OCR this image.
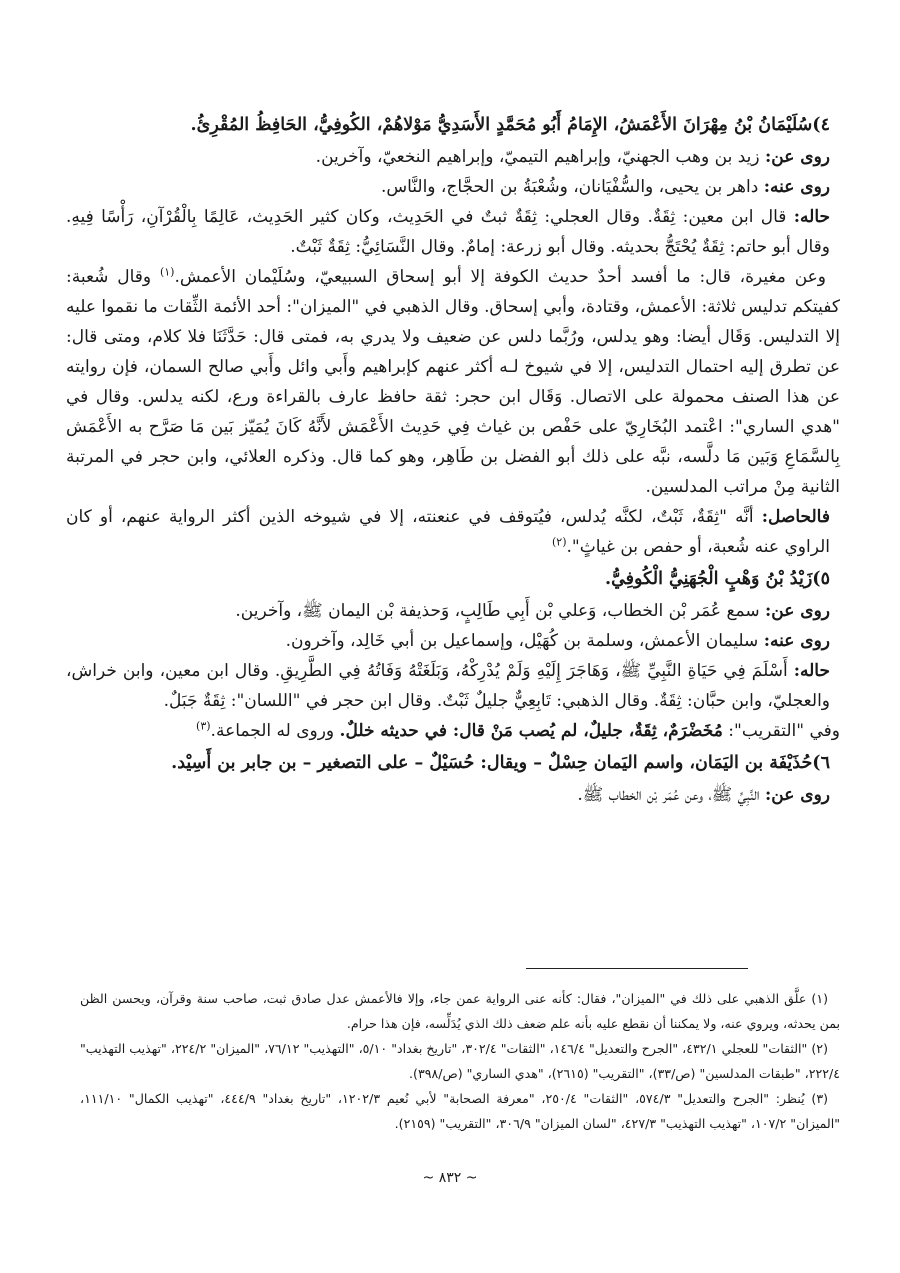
٤)سُلَيْمَانُ بْنُ مِهْرَانَ الأَعْمَشُ، الإِمَامُ أَبُو مُحَمَّدٍ الأَسَدِيُّ مَوْلاهُمْ، الكُوفِيُّ، الحَافِظُ المُقْرِئُ.

روى عن: زيد بن وهب الجهنيّ، وإبراهيم التيميّ، وإبراهيم النخعيّ، وآخرين.

روى عنه: داهر بن يحيى، والسُّفْيَانان، وشُعْبَةُ بن الحجَّاج، والنَّاس.

حاله: قال ابن معين: ثِقَةٌ. وقال العجلي: ثِقَةٌ ثبتٌ في الحَدِيث، وكان كثير الحَدِيث، عَالِمًا بِالْقُرْآنِ، رَأْسًا فِيهِ. وقال أبو حاتم: ثِقَةٌ يُحْتَجُّ بحديثه. وقال أبو زرعة: إمامٌ. وقال النَّسَائِيُّ: ثِقَةٌ ثَبْتٌ.

وعن مغيرة، قال: ما أفسد أحدٌ حديث الكوفة إلا أبو إسحاق السبيعيّ، وسُلَيْمان الأعمش.$^{(١)}$ وقال شُعبة: كفيتكم تدليس ثلاثة: الأعمش، وقتادة، وأبي إسحاق. وقال الذهبي في "الميزان": أحد الأئمة الثِّقات ما نقموا عليه إلا التدليس. وَقَال أيضا: وهو يدلس، ورُبَّما دلس عن ضعيف ولا يدري به، فمتى قال: حَدَّثَنَا فلا كلام، ومتى قال: عن تطرق إليه احتمال التدليس، إلا في شيوخ لـه أكثر عنهم كإبراهيم وأَبي وائل وأَبي صالح السمان، فإن روايته عن هذا الصنف محمولة على الاتصال. وَقَال ابن حجر: ثقة حافظ عارف بالقراءة ورع، لكنه يدلس. وقال في "هدي الساري": اعْتمد البُخَارِيّ على حَفْص بن غياث فِي حَدِيث الأَعْمَش لأَنَّهُ كَانَ يُمَيّز بَين مَا صَرَّح به الأَعْمَش بِالسَّمَاعِ وَبَين مَا دلَّسه، نبَّه على ذلك أبو الفضل بن طَاهِر، وهو كما قال. وذكره العلائي، وابن حجر في المرتبة الثانية مِنْ مراتب المدلسين.

فالحاصل: أنَّه "ثِقَةٌ، ثَبْتٌ، لكنَّه يُدلس، فيُتوقف في عنعنته، إلا في شيوخه الذين أكثر الرواية عنهم، أو كان الراوي عنه شُعبة، أو حفص بن غياثٍ".$^{(٢)}$

٥)زَيْدُ بْنُ وَهْبٍ الْجُهَنِيُّ الْكُوفِيُّ.

روى عن: سمع عُمَر بْن الخطاب، وَعلي بْن أَبِي طَالِبٍ، وَحذيفة بْن اليمان ﷺ، وآخرين.

روى عنه: سليمان الأعمش، وسلمة بن كُهَيْل، وإسماعيل بن أبي خَالِد، وآخرون.

حاله: أَسْلَمَ فِي حَيَاةِ النَّبِيِّ ﷺ، وَهَاجَرَ إِلَيْهِ وَلَمْ يُدْرِكْهُ، وَبَلَغَتْهُ وَفَاتُهُ فِي الطَّرِيقِ. وقال ابن معين، وابن خراش، والعجليّ، وابن حبَّان: ثِقَةٌ. وقال الذهبي: تَابِعِيٌّ جليلٌ ثَبْتٌ. وقال ابن حجر في "اللسان": ثِقَةٌ جَبَلٌ.

وفي "التقريب": مُخَضْرَمٌ، ثِقَةٌ، جليلٌ، لم يُصب مَنْ قال: في حديثه خللٌ. وروى له الجماعة.$^{(٣)}$

٦)حُذَيْفَة بن اليَمَان، واسم اليَمان حِسْلٌ – ويقال: حُسَيْلٌ – على التصغير – بن جابر بن أَسِيْد.

روى عن: النَّبِيِّ ﷺ، وعن عُمَر بْن الخطاب ﷺ.

(١) علَّق الذهبي على ذلك في "الميزان"، فقال: كأنه عنى الرواية عمن جاء، وإلا فالأعمش عدل صادق ثبت، صاحب سنة وقرآن، ويحسن الظن بمن يحدثه، ويروي عنه، ولا يمكننا أن نقطع عليه بأنه علم ضعف ذلك الذي يُدَلِّسه، فإن هذا حرام.

(٢) "الثقات" للعجلي ٤٣٢/١، "الجرح والتعديل" ١٤٦/٤، "الثقات" ٣٠٢/٤، "تاريخ بغداد" ٥/١٠، "التهذيب" ٧٦/١٢، "الميزان" ٢٢٤/٢، "تهذيب التهذيب" ٢٢٢/٤، "طبقات المدلسين" (ص/٣٣)، "التقريب" (٢٦١٥)، "هدي الساري" (ص/٣٩٨).

(٣) يُنظر: "الجرح والتعديل" ٥٧٤/٣، "الثقات" ٢٥٠/٤، "معرفة الصحابة" لأبي نُعيم ١٢٠٢/٣، "تاريخ بغداد" ٤٤٤/٩، "تهذيب الكمال" ١١١/١٠، "الميزان" ١٠٧/٢، "تهذيب التهذيب" ٤٢٧/٣، "لسان الميزان" ٣٠٦/٩، "التقريب" (٢١٥٩).

~ ٨٣٢ ~
